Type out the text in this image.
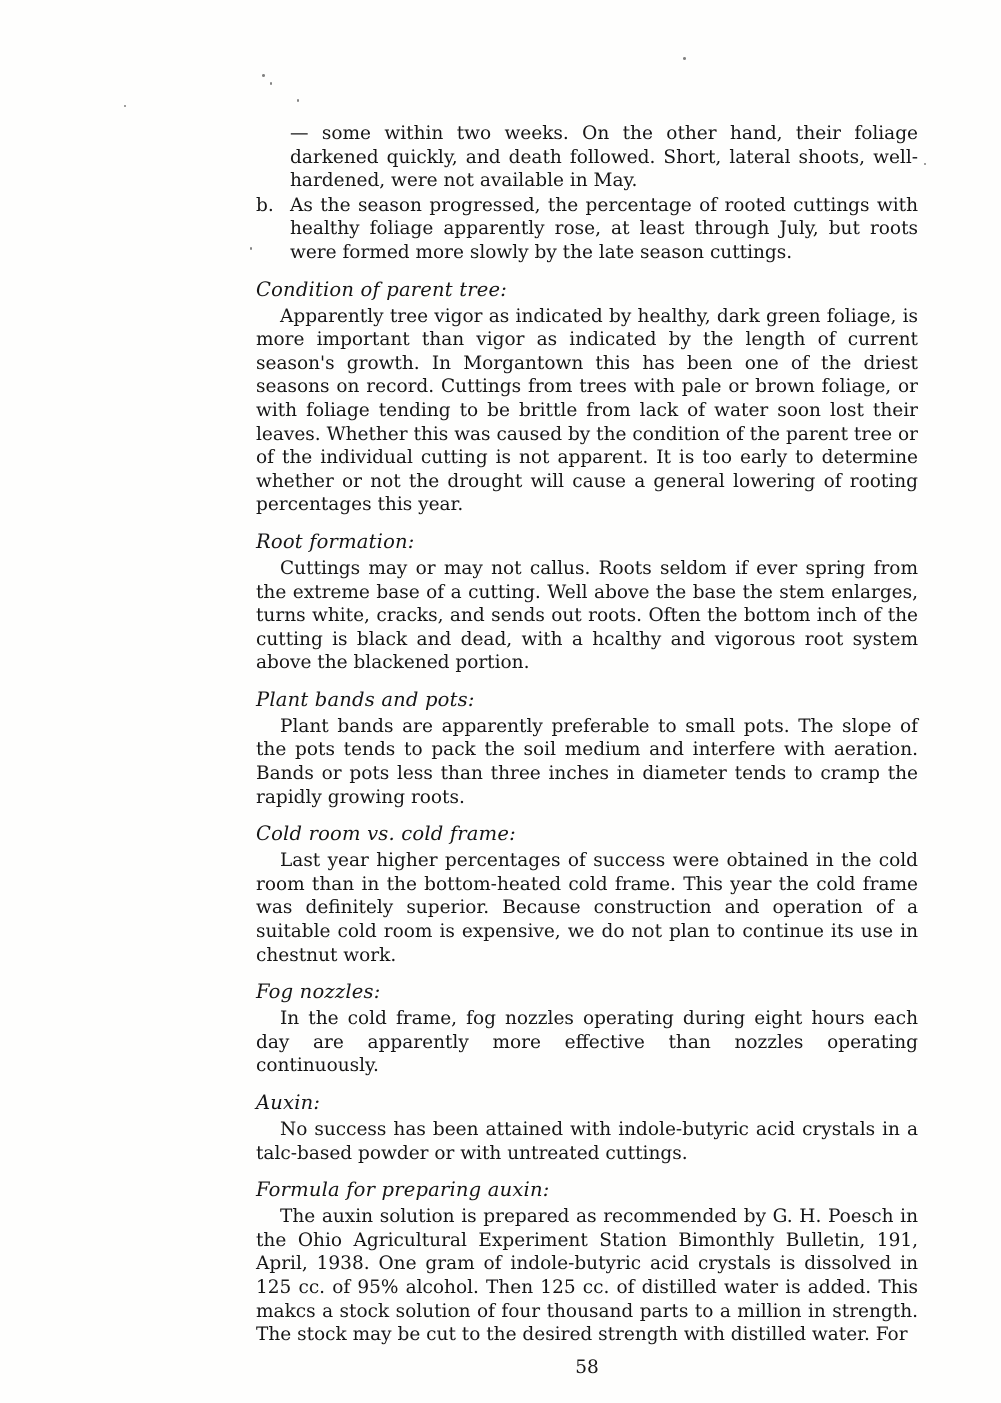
— some within two weeks. On the other hand, their foliage darkened quickly, and death followed. Short, lateral shoots, well-hardened, were not available in May.

b. As the season progressed, the percentage of rooted cuttings with healthy foliage apparently rose, at least through July, but roots were formed more slowly by the late season cuttings.

Condition of parent tree:

Apparently tree vigor as indicated by healthy, dark green foliage, is more important than vigor as indicated by the length of current season's growth. In Morgantown this has been one of the driest seasons on record. Cuttings from trees with pale or brown foliage, or with foliage tending to be brittle from lack of water soon lost their leaves. Whether this was caused by the condition of the parent tree or of the individual cutting is not apparent. It is too early to determine whether or not the drought will cause a general lowering of rooting percentages this year.

Root formation:

Cuttings may or may not callus. Roots seldom if ever spring from the extreme base of a cutting. Well above the base the stem enlarges, turns white, cracks, and sends out roots. Often the bottom inch of the cutting is black and dead, with a hcalthy and vigorous root system above the blackened portion.

Plant bands and pots:

Plant bands are apparently preferable to small pots. The slope of the pots tends to pack the soil medium and interfere with aeration. Bands or pots less than three inches in diameter tends to cramp the rapidly growing roots.

Cold room vs. cold frame:

Last year higher percentages of success were obtained in the cold room than in the bottom-heated cold frame. This year the cold frame was definitely superior. Because construction and operation of a suitable cold room is expensive, we do not plan to continue its use in chestnut work.

Fog nozzles:

In the cold frame, fog nozzles operating during eight hours each day are apparently more effective than nozzles operating continuously.

Auxin:

No success has been attained with indole-butyric acid crystals in a talc-based powder or with untreated cuttings.

Formula for preparing auxin:

The auxin solution is prepared as recommended by G. H. Poesch in the Ohio Agricultural Experiment Station Bimonthly Bulletin, 191, April, 1938. One gram of indole-butyric acid crystals is dissolved in 125 cc. of 95% alcohol. Then 125 cc. of distilled water is added. This makcs a stock solution of four thousand parts to a million in strength. The stock may be cut to the desired strength with distilled water. For

58
